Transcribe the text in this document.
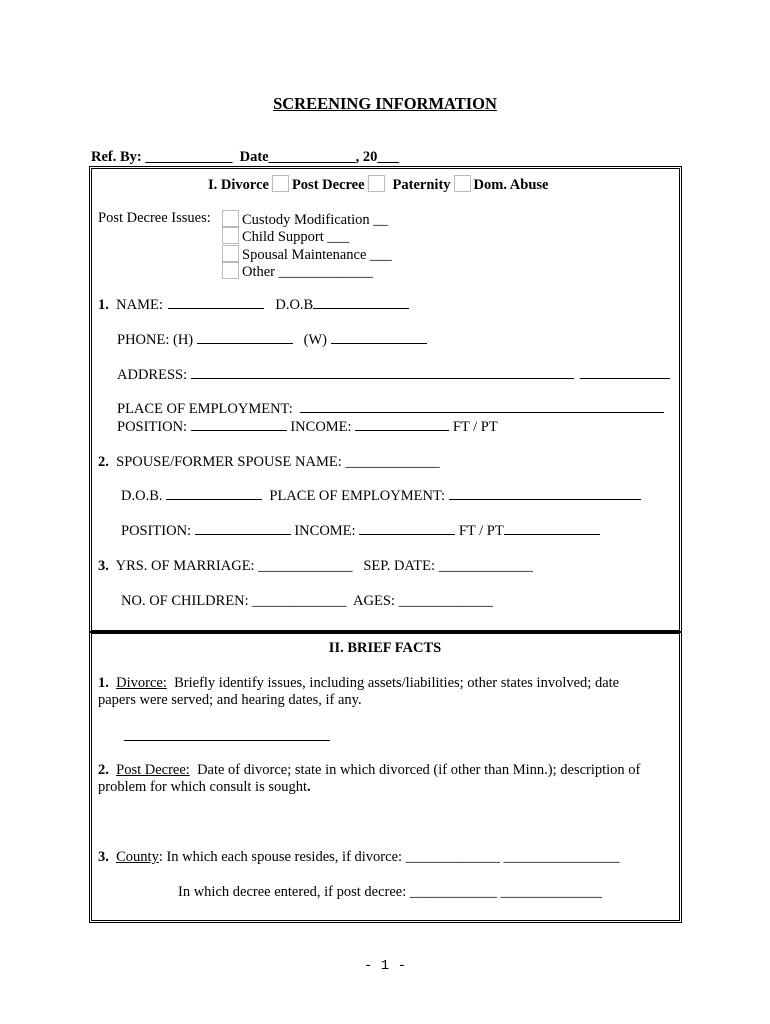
SCREENING INFORMATION
Ref. By: ____________ Date____________, 20___
I. Divorce Post Decree Paternity Dom. Abuse
Post Decree Issues:	Custody Modification __
Child Support ___
Spousal Maintenance ___
Other _____________
1. NAME:	D.O.B
PHONE: (H)	(W)
ADDRESS:
PLACE OF EMPLOYMENT:
POSITION:	INCOME:	FT / PT
2. SPOUSE/FORMER SPOUSE NAME: _____________
D.O.B.	PLACE OF EMPLOYMENT:
POSITION:	INCOME:	FT / PT
3. YRS. OF MARRIAGE: _____________ SEP. DATE: _____________
NO. OF CHILDREN: _____________ AGES: _____________
II. BRIEF FACTS
1. Divorce: Briefly identify issues, including assets/liabilities; other states involved; date
papers were served; and hearing dates, if any.
2. Post Decree: Date of divorce; state in which divorced (if other than Minn.); description of
problem for which consult is sought.
3. County: In which each spouse resides, if divorce: _____________ ________________
In which decree entered, if post decree: ____________ ______________
- 1 -
